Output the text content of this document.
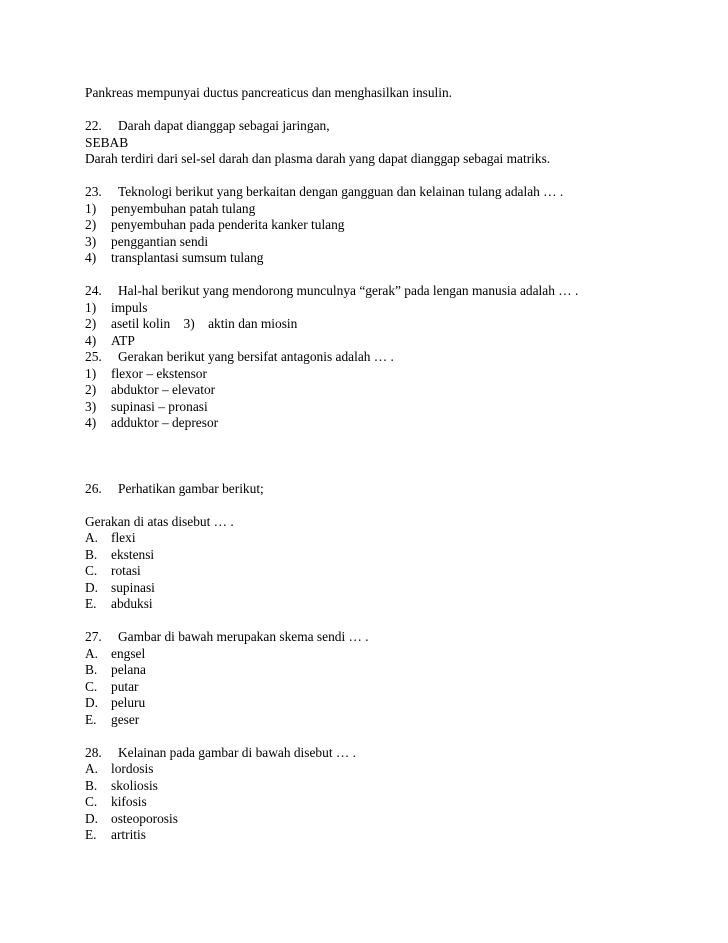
Pankreas mempunyai ductus pancreaticus dan menghasilkan insulin.
22. Darah dapat dianggap sebagai jaringan,
SEBAB
Darah terdiri dari sel-sel darah dan plasma darah yang dapat dianggap sebagai matriks.
23. Teknologi berikut yang berkaitan dengan gangguan dan kelainan tulang adalah … .
1) penyembuhan patah tulang
2) penyembuhan pada penderita kanker tulang
3) penggantian sendi
4) transplantasi sumsum tulang
24. Hal-hal berikut yang mendorong munculnya “gerak” pada lengan manusia adalah … .
1) impuls
2) asetil kolin    3)    aktin dan miosin
4) ATP
25. Gerakan berikut yang bersifat antagonis adalah … .
1) flexor – ekstensor
2) abduktor – elevator
3) supinasi – pronasi
4) adduktor – depresor
26. Perhatikan gambar berikut;
Gerakan di atas disebut … .
A. flexi
B. ekstensi
C. rotasi
D. supinasi
E. abduksi
27. Gambar di bawah merupakan skema sendi … .
A. engsel
B. pelana
C. putar
D. peluru
E. geser
28. Kelainan pada gambar di bawah disebut … .
A. lordosis
B. skoliosis
C. kifosis
D. osteoporosis
E. artritis
